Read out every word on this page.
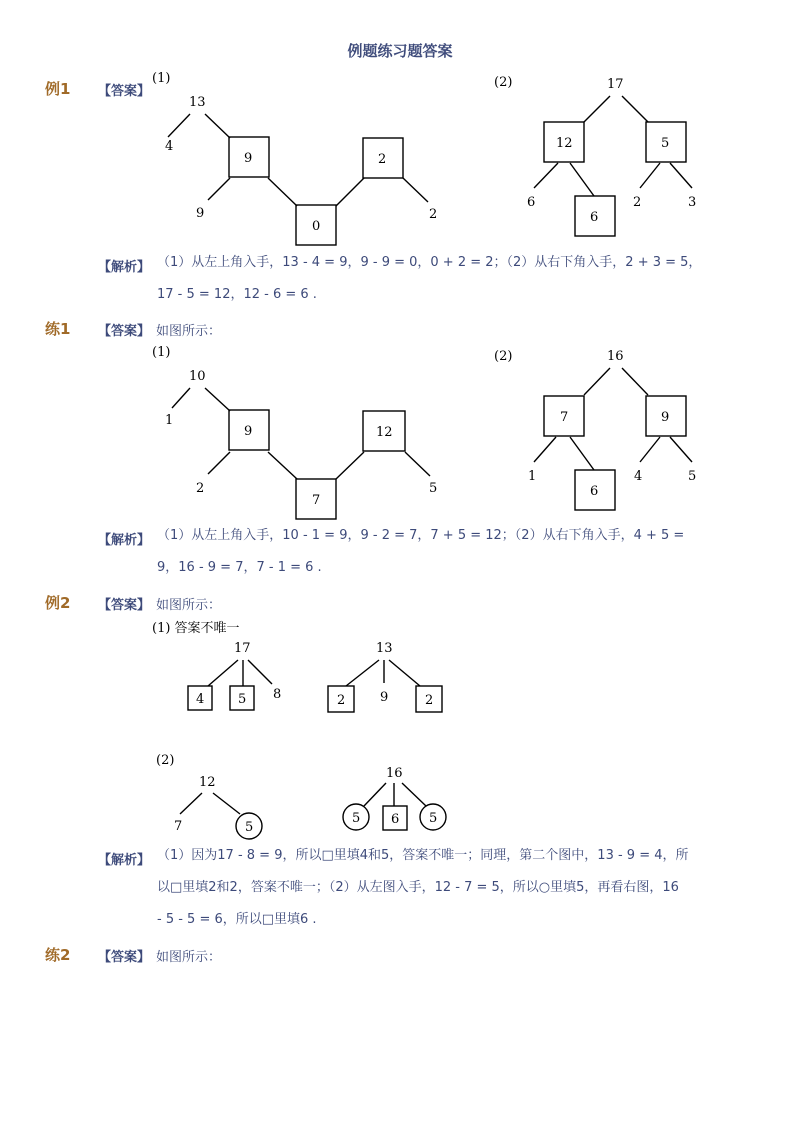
例题练习题答案
例1 【答案】
(1)
13
4
9
9
0
2
2
(2)	17
12	5
6
6
2	3
【解析】 （1）从左上角入手，13 - 4 = 9，9 - 9 = 0，0 + 2 = 2；（2）从右下角入手，2 + 3 = 5，
17 - 5 = 12，12 - 6 = 6 .
练1 【答案】 如图所示：
(1)
10
1
9
2
7
12
5
(2)	16
7	9
1
6
4	5
【解析】 （1）从左上角入手，10 - 1 = 9，9 - 2 = 7，7 + 5 = 12；（2）从右下角入手，4 + 5 =
9，16 - 9 = 7，7 - 1 = 6 .
例2 【答案】 如图所示：
(1) 答案不唯一
17
4	5 8
13
2	9	2
(2)
12
7	5
16
5 6 5
【解析】 （1）因为17 - 8 = 9，所以□里填4和5，答案不唯一；同理，第二个图中，13 - 9 = 4，所
以□里填2和2，答案不唯一；（2）从左图入手，12 - 7 = 5，所以○里填5，再看右图，16
- 5 - 5 = 6，所以□里填6 .
练2 【答案】 如图所示：
